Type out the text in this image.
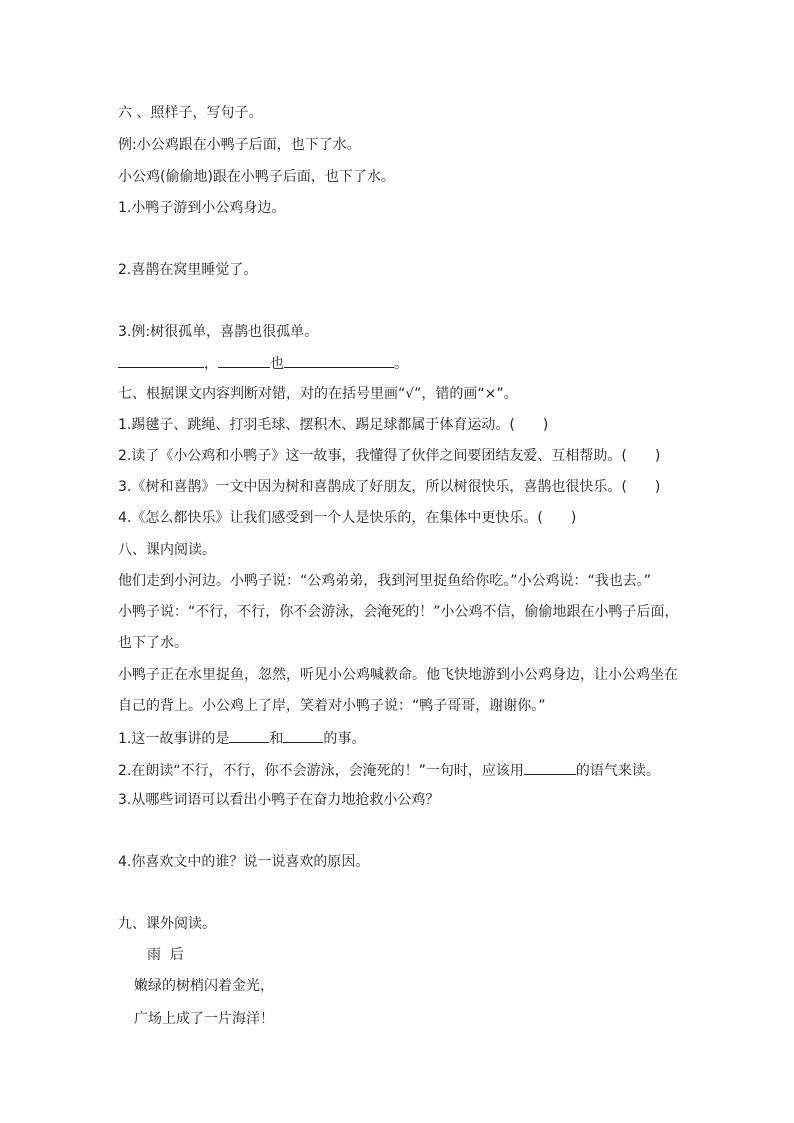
六 、照样子，写句子。
例:小公鸡跟在小鸭子后面，也下了水。
小公鸡(偷偷地)跟在小鸭子后面，也下了水。
1.小鸭子游到小公鸡身边。
2.喜鹊在窝里睡觉了。
3.例:树很孤单，喜鹊也很孤单。
，	也	。
七、根据课文内容判断对错，对的在括号里画“√”，错的画“×”。
1.踢毽子、跳绳、打羽毛球、摆积木、踢足球都属于体育运动。( )
2.读了《小公鸡和小鸭子》这一故事，我懂得了伙伴之间要团结友爱、互相帮助。( )
3.《树和喜鹊》一文中因为树和喜鹊成了好朋友，所以树很快乐，喜鹊也很快乐。( )
4.《怎么都快乐》让我们感受到一个人是快乐的，在集体中更快乐。( )
八、课内阅读。
他们走到小河边。小鸭子说：“公鸡弟弟，我到河里捉鱼给你吃。”小公鸡说：“我也去。”
小鸭子说：“不行，不行，你不会游泳，会淹死的！”小公鸡不信，偷偷地跟在小鸭子后面，
也下了水。
小鸭子正在水里捉鱼，忽然，听见小公鸡喊救命。他飞快地游到小公鸡身边，让小公鸡坐在
自己的背上。小公鸡上了岸，笑着对小鸭子说：“鸭子哥哥，谢谢你。”
1.这一故事讲的是	和	的事。
2.在朗读“不行，不行，你不会游泳，会淹死的！”一句时，应该用	的语气来读。
3.从哪些词语可以看出小鸭子在奋力地抢救小公鸡？
4.你喜欢文中的谁？说一说喜欢的原因。
九、课外阅读。
雨  后
嫩绿的树梢闪着金光，
广场上成了一片海洋！
